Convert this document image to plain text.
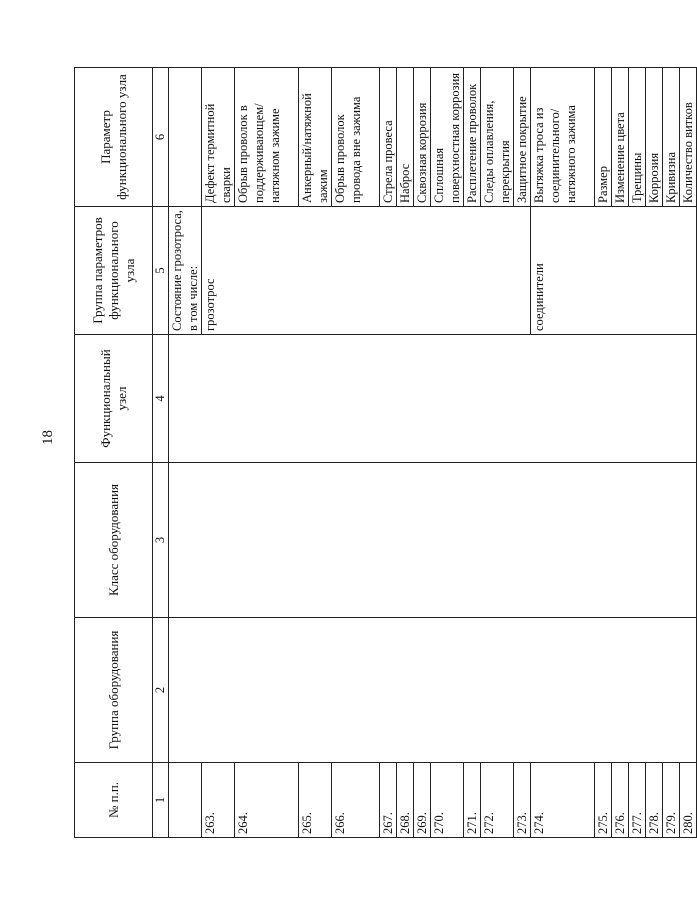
18
№ п.п.	Группа оборудования	Класс оборудования	Функциональный узел	Группа параметров функционального узла	Параметр функционального узла
1	2	3	4	5	6
				Состояние грозотроса, в том числе:	
263.				грозотрос	Дефект термитной сварки
264.					Обрыв проволок в поддерживающем/натяжном зажиме
265.					Анкерный/натяжной зажим
266.					Обрыв проволок провода вне зажима
267.					Стрела провеса
268.					Наброс
269.					Сквозная коррозия
270.					Сплошная поверхностная коррозия
271.					Расплетение проволок
272.					Следы оплавления, перекрытия
273.					Защитное покрытие
274.				соединители	Вытяжка троса из соединительного/натяжного зажима
275.					Размер
276.					Изменение цвета
277.					Трещины
278.					Коррозия
279.					Кривизна
280.					Количество витков
